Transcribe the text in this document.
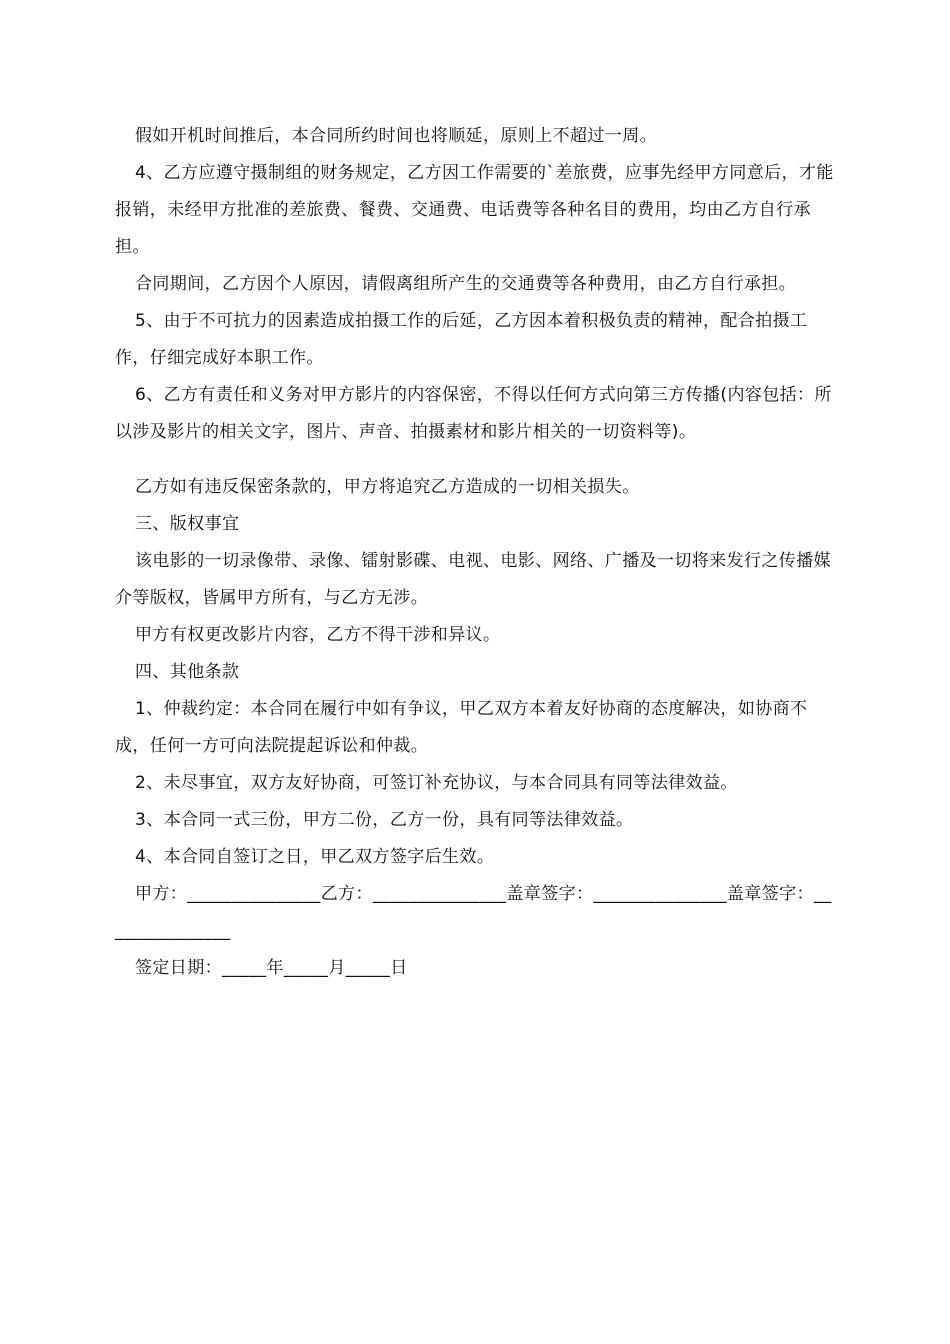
假如开机时间推后，本合同所约时间也将顺延，原则上不超过一周。

4、乙方应遵守摄制组的财务规定，乙方因工作需要的`差旅费，应事先经甲方同意后，才能报销，未经甲方批准的差旅费、餐费、交通费、电话费等各种名目的费用，均由乙方自行承担。

合同期间，乙方因个人原因，请假离组所产生的交通费等各种费用，由乙方自行承担。

5、由于不可抗力的因素造成拍摄工作的后延，乙方因本着积极负责的精神，配合拍摄工作，仔细完成好本职工作。

6、乙方有责任和义务对甲方影片的内容保密，不得以任何方式向第三方传播(内容包括：所以涉及影片的相关文字，图片、声音、拍摄素材和影片相关的一切资料等)。

乙方如有违反保密条款的，甲方将追究乙方造成的一切相关损失。

三、版权事宜

该电影的一切录像带、录像、镭射影碟、电视、电影、网络、广播及一切将来发行之传播媒介等版权，皆属甲方所有，与乙方无涉。

甲方有权更改影片内容，乙方不得干涉和异议。

四、其他条款

1、仲裁约定：本合同在履行中如有争议，甲乙双方本着友好协商的态度解决，如协商不成，任何一方可向法院提起诉讼和仲裁。

2、未尽事宜，双方友好协商，可签订补充协议，与本合同具有同等法律效益。

3、本合同一式三份，甲方二份，乙方一份，具有同等法律效益。

4、本合同自签订之日，甲乙双方签字后生效。

甲方：_______________乙方：_______________盖章签字：_______________盖章签字：_______________

签定日期：_____年_____月_____日
